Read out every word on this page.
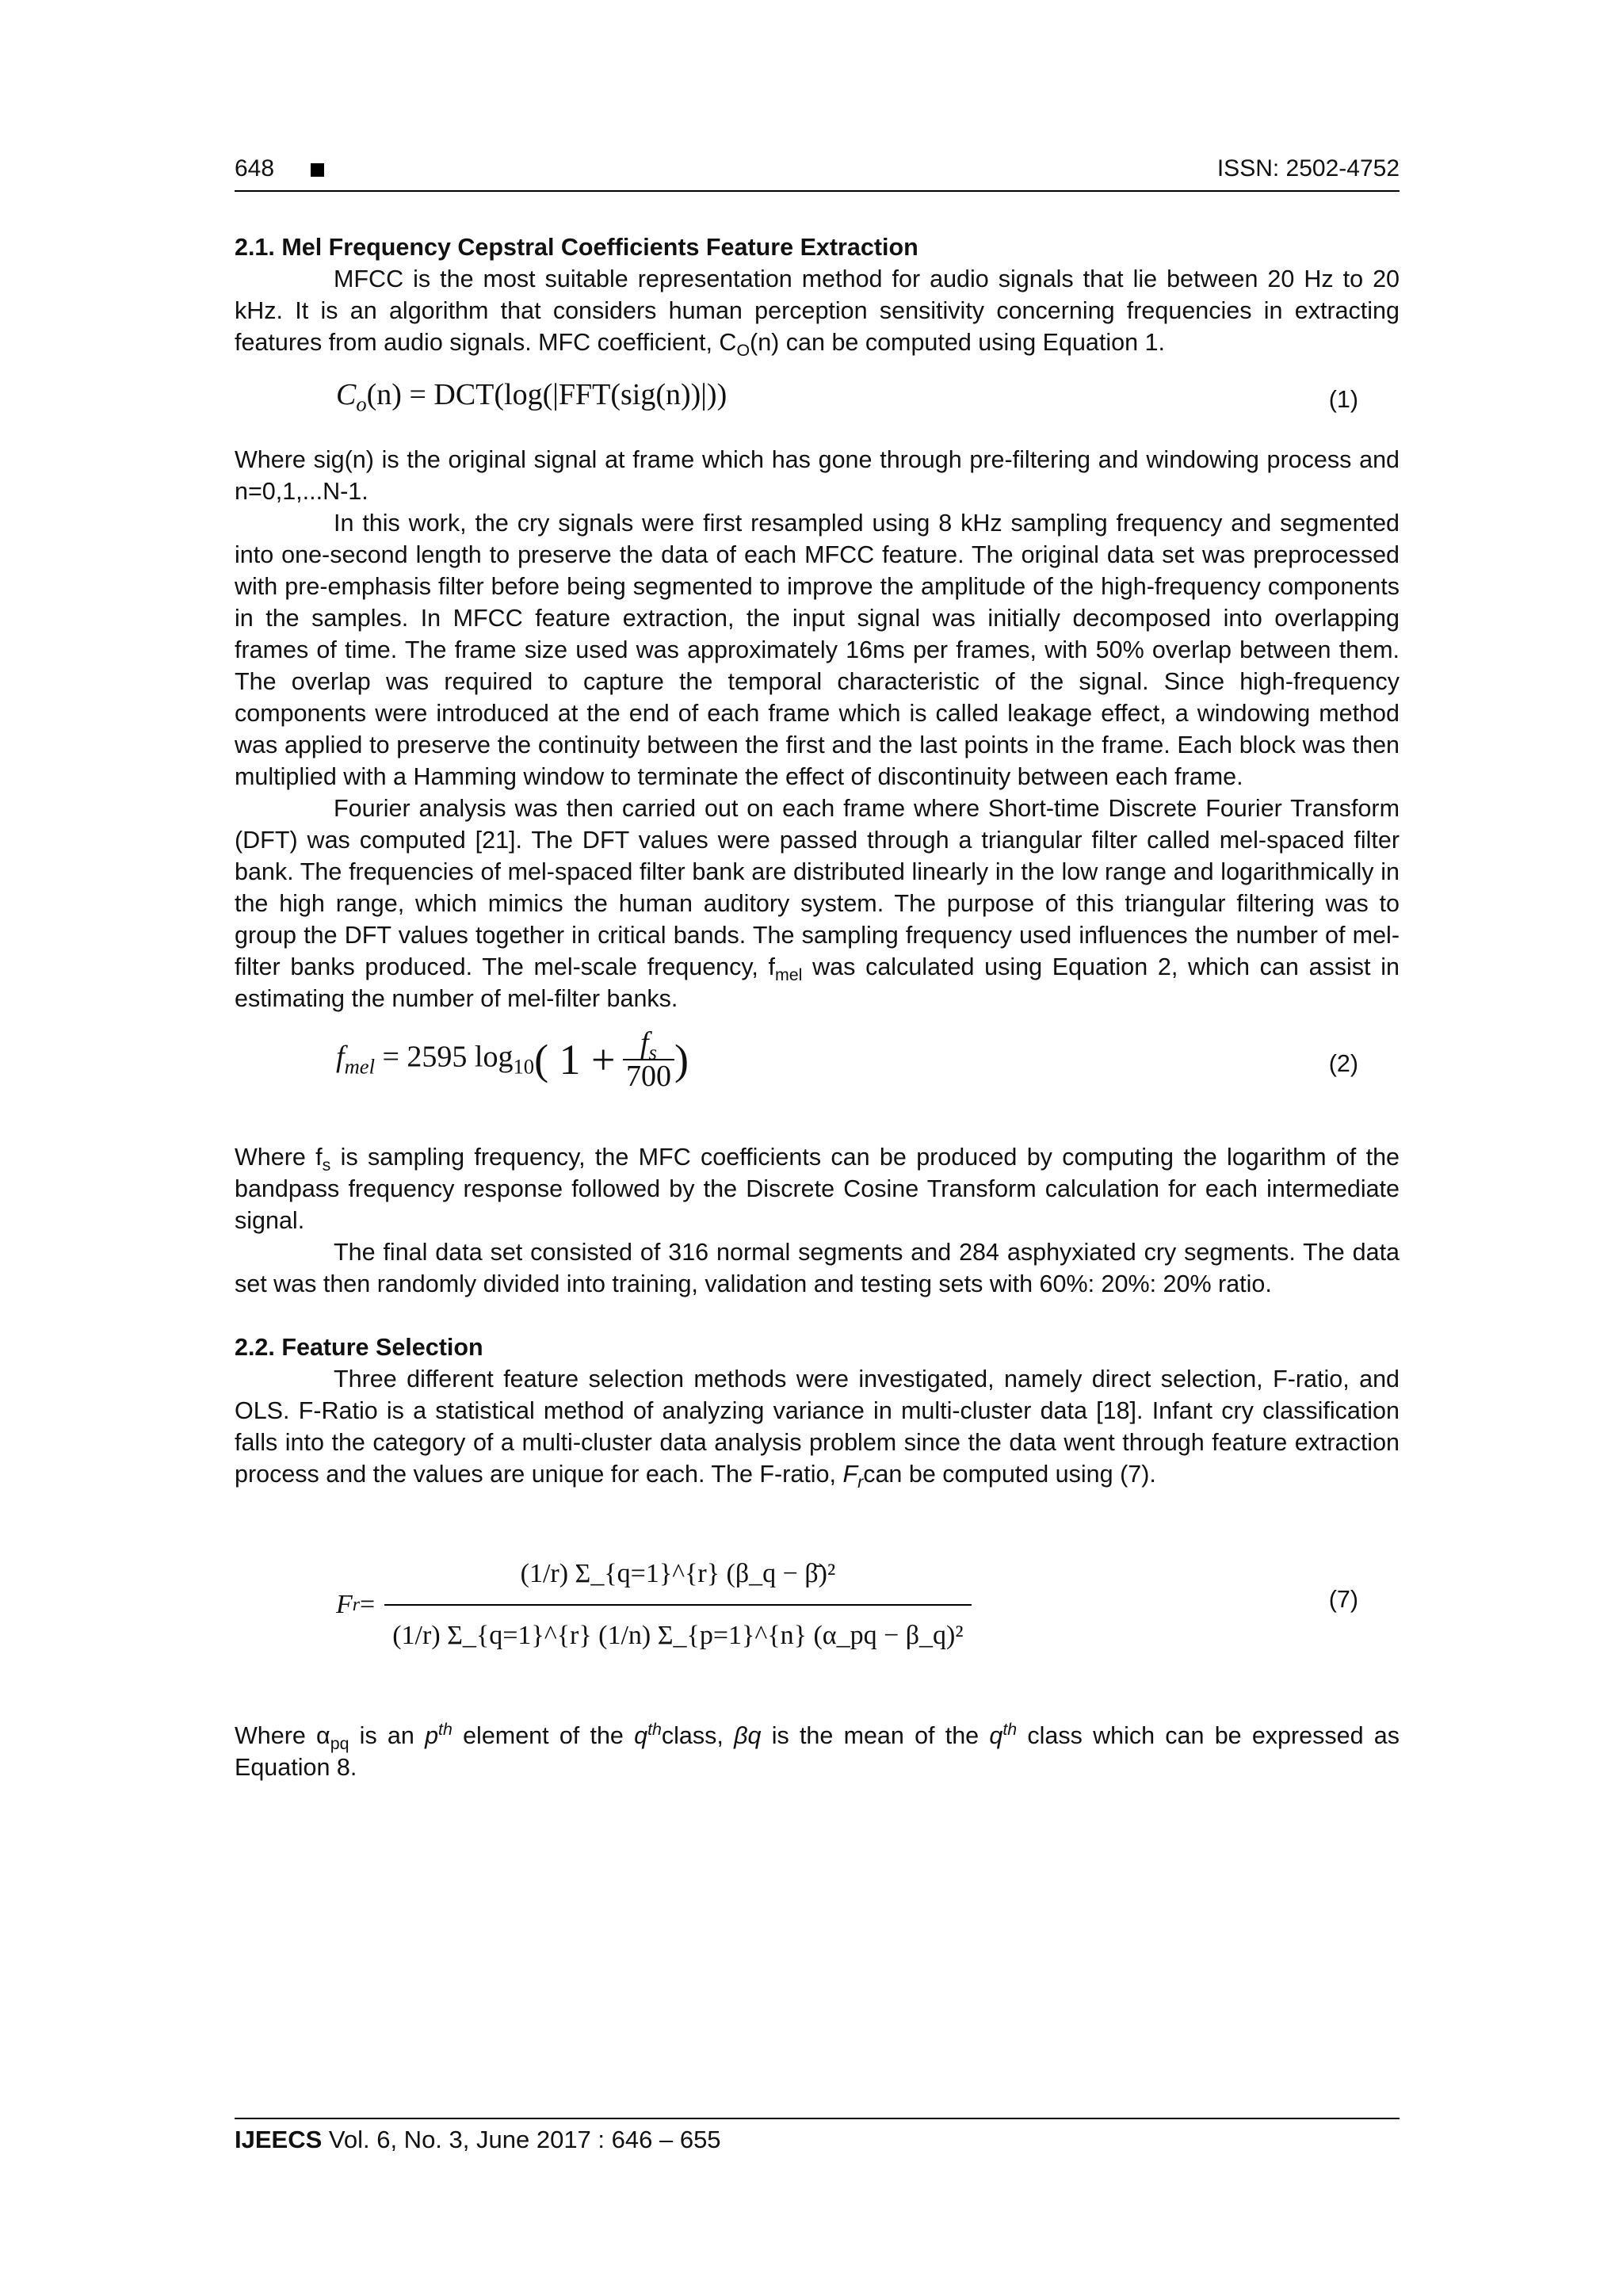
648	ISSN: 2502-4752
2.1. Mel Frequency Cepstral Coefficients Feature Extraction

MFCC is the most suitable representation method for audio signals that lie between 20 Hz to 20 kHz. It is an algorithm that considers human perception sensitivity concerning frequencies in extracting features from audio signals. MFC coefficient, $C_O(n)$ can be computed using Equation 1.

$C_o(n) = DCT(\log(|FFT(sig(n))|))$	(1)

Where sig(n) is the original signal at frame which has gone through pre-filtering and windowing process and n=0,1,...N-1.

In this work, the cry signals were first resampled using 8 kHz sampling frequency and segmented into one-second length to preserve the data of each MFCC feature. The original data set was preprocessed with pre-emphasis filter before being segmented to improve the amplitude of the high-frequency components in the samples. In MFCC feature extraction, the input signal was initially decomposed into overlapping frames of time. The frame size used was approximately 16ms per frames, with 50% overlap between them. The overlap was required to capture the temporal characteristic of the signal. Since high-frequency components were introduced at the end of each frame which is called leakage effect, a windowing method was applied to preserve the continuity between the first and the last points in the frame. Each block was then multiplied with a Hamming window to terminate the effect of discontinuity between each frame.

Fourier analysis was then carried out on each frame where Short-time Discrete Fourier Transform (DFT) was computed [21]. The DFT values were passed through a triangular filter called mel-spaced filter bank. The frequencies of mel-spaced filter bank are distributed linearly in the low range and logarithmically in the high range, which mimics the human auditory system. The purpose of this triangular filtering was to group the DFT values together in critical bands. The sampling frequency used influences the number of mel-filter banks produced. The mel-scale frequency, $f_{mel}$ was calculated using Equation 2, which can assist in estimating the number of mel-filter banks.

$f_{mel} = 2595$ $\log_{10}$( $1 + \frac{f_s}{700}$ )	(2)

Where $f_s$ is sampling frequency, the MFC coefficients can be produced by computing the logarithm of the bandpass frequency response followed by the Discrete Cosine Transform calculation for each intermediate signal.

The final data set consisted of 316 normal segments and 284 asphyxiated cry segments. The data set was then randomly divided into training, validation and testing sets with 60%: 20%: 20% ratio.

2.2. Feature Selection

Three different feature selection methods were investigated, namely direct selection, F-ratio, and OLS. F-Ratio is a statistical method of analyzing variance in multi-cluster data [18]. Infant cry classification falls into the category of a multi-cluster data analysis problem since the data went through feature extraction process and the values are unique for each. The F-ratio, $F_rcan$ be computed using (7).

F $r = \frac{\text{(1/r) Σ\_\{q=1\}\textasciicircum{}\{r\} (β\_q − β̄)²}}{\text{(1/r) Σ\_\{q=1\}\textasciicircum{}\{r\} (1/n) Σ\_\{p=1\}\textasciicircum{}\{n\} (α\_pq − β\_q)²}}$	(7)

Where $\alpha_{pq}$ is an $p^{th}$ element of the $q^{th}class$, βq is the mean of the $q^{th}$ class which can be expressed as Equation 8.

IJEECS Vol. 6, No. 3, June 2017 : 646 – 655
